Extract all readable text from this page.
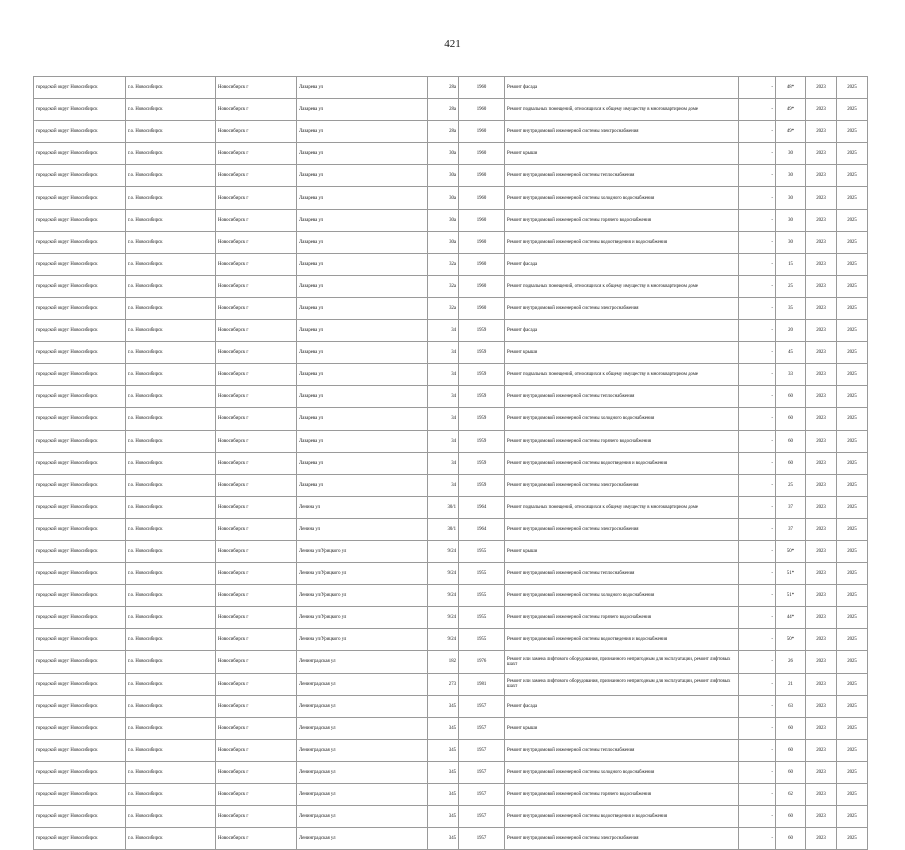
421
городской округ Новосибирск	г.о. Новосибирск	Новосибирск г	Лазарева ул	28а	1960	Ремонт фасада	-	48*	2023	2025
городской округ Новосибирск	г.о. Новосибирск	Новосибирск г	Лазарева ул	28а	1960	Ремонт подвальных помещений, относящихся к общему имуществу в многоквартирном доме	-	49*	2023	2025
городской округ Новосибирск	г.о. Новосибирск	Новосибирск г	Лазарева ул	28а	1960	Ремонт внутридомовой инженерной системы электроснабжения	-	49*	2023	2025
городской округ Новосибирск	г.о. Новосибирск	Новосибирск г	Лазарева ул	30а	1960	Ремонт крыши	-	30	2023	2025
городской округ Новосибирск	г.о. Новосибирск	Новосибирск г	Лазарева ул	30а	1960	Ремонт внутридомовой инженерной системы теплоснабжения	-	30	2023	2025
городской округ Новосибирск	г.о. Новосибирск	Новосибирск г	Лазарева ул	30а	1960	Ремонт внутридомовой инженерной системы холодного водоснабжения	-	30	2023	2025
городской округ Новосибирск	г.о. Новосибирск	Новосибирск г	Лазарева ул	30а	1960	Ремонт внутридомовой инженерной системы горячего водоснабжения	-	30	2023	2025
городской округ Новосибирск	г.о. Новосибирск	Новосибирск г	Лазарева ул	30а	1960	Ремонт внутридомовой инженерной системы водоотведения и водоснабжения	-	30	2023	2025
городской округ Новосибирск	г.о. Новосибирск	Новосибирск г	Лазарева ул	32а	1960	Ремонт фасада	-	15	2023	2025
городской округ Новосибирск	г.о. Новосибирск	Новосибирск г	Лазарева ул	32а	1960	Ремонт подвальных помещений, относящихся к общему имуществу в многоквартирном доме	-	25	2023	2025
городской округ Новосибирск	г.о. Новосибирск	Новосибирск г	Лазарева ул	32а	1960	Ремонт внутридомовой инженерной системы электроснабжения	-	35	2023	2025
городской округ Новосибирск	г.о. Новосибирск	Новосибирск г	Лазарева ул	34	1959	Ремонт фасада	-	20	2023	2025
городской округ Новосибирск	г.о. Новосибирск	Новосибирск г	Лазарева ул	34	1959	Ремонт крыши	-	45	2023	2025
городской округ Новосибирск	г.о. Новосибирск	Новосибирск г	Лазарева ул	34	1959	Ремонт подвальных помещений, относящихся к общему имуществу в многоквартирном доме	-	33	2023	2025
городской округ Новосибирск	г.о. Новосибирск	Новосибирск г	Лазарева ул	34	1959	Ремонт внутридомовой инженерной системы теплоснабжения	-	60	2023	2025
городской округ Новосибирск	г.о. Новосибирск	Новосибирск г	Лазарева ул	34	1959	Ремонт внутридомовой инженерной системы холодного водоснабжения	-	60	2023	2025
городской округ Новосибирск	г.о. Новосибирск	Новосибирск г	Лазарева ул	34	1959	Ремонт внутридомовой инженерной системы горячего водоснабжения	-	60	2023	2025
городской округ Новосибирск	г.о. Новосибирск	Новосибирск г	Лазарева ул	34	1959	Ремонт внутридомовой инженерной системы водоотведения и водоснабжения	-	60	2023	2025
городской округ Новосибирск	г.о. Новосибирск	Новосибирск г	Лазарева ул	34	1959	Ремонт внутридомовой инженерной системы электроснабжения	-	25	2023	2025
городской округ Новосибирск	г.о. Новосибирск	Новосибирск г	Ленина ул	30/1	1964	Ремонт подвальных помещений, относящихся к общему имуществу в многоквартирном доме	-	37	2023	2025
городской округ Новосибирск	г.о. Новосибирск	Новосибирск г	Ленина ул	30/1	1964	Ремонт внутридомовой инженерной системы электроснабжения	-	37	2023	2025
городской округ Новосибирск	г.о. Новосибирск	Новосибирск г	Ленина ул/Урицкого ул	9/24	1955	Ремонт крыши	-	50*	2023	2025
городской округ Новосибирск	г.о. Новосибирск	Новосибирск г	Ленина ул/Урицкого ул	9/24	1955	Ремонт внутридомовой инженерной системы теплоснабжения	-	51*	2023	2025
городской округ Новосибирск	г.о. Новосибирск	Новосибирск г	Ленина ул/Урицкого ул	9/24	1955	Ремонт внутридомовой инженерной системы холодного водоснабжения	-	51*	2023	2025
городской округ Новосибирск	г.о. Новосибирск	Новосибирск г	Ленина ул/Урицкого ул	9/24	1955	Ремонт внутридомовой инженерной системы горячего водоснабжения	-	44*	2023	2025
городской округ Новосибирск	г.о. Новосибирск	Новосибирск г	Ленина ул/Урицкого ул	9/24	1955	Ремонт внутридомовой инженерной системы водоотведения и водоснабжения	-	50*	2023	2025
городской округ Новосибирск	г.о. Новосибирск	Новосибирск г	Ленинградская ул	182	1976	Ремонт или замена лифтового оборудования, признанного непригодным для эксплуатации, ремонт лифтовых шахт	-	26	2023	2025
городской округ Новосибирск	г.о. Новосибирск	Новосибирск г	Ленинградская ул	273	1981	Ремонт или замена лифтового оборудования, признанного непригодным для эксплуатации, ремонт лифтовых шахт	-	21	2023	2025
городской округ Новосибирск	г.о. Новосибирск	Новосибирск г	Ленинградская ул	345	1957	Ремонт фасада	-	63	2023	2025
городской округ Новосибирск	г.о. Новосибирск	Новосибирск г	Ленинградская ул	345	1957	Ремонт крыши	-	60	2023	2025
городской округ Новосибирск	г.о. Новосибирск	Новосибирск г	Ленинградская ул	345	1957	Ремонт внутридомовой инженерной системы теплоснабжения	-	60	2023	2025
городской округ Новосибирск	г.о. Новосибирск	Новосибирск г	Ленинградская ул	345	1957	Ремонт внутридомовой инженерной системы холодного водоснабжения	-	60	2023	2025
городской округ Новосибирск	г.о. Новосибирск	Новосибирск г	Ленинградская ул	345	1957	Ремонт внутридомовой инженерной системы горячего водоснабжения	-	62	2023	2025
городской округ Новосибирск	г.о. Новосибирск	Новосибирск г	Ленинградская ул	345	1957	Ремонт внутридомовой инженерной системы водоотведения и водоснабжения	-	60	2023	2025
городской округ Новосибирск	г.о. Новосибирск	Новосибирск г	Ленинградская ул	345	1957	Ремонт внутридомовой инженерной системы электроснабжения	-	60	2023	2025
